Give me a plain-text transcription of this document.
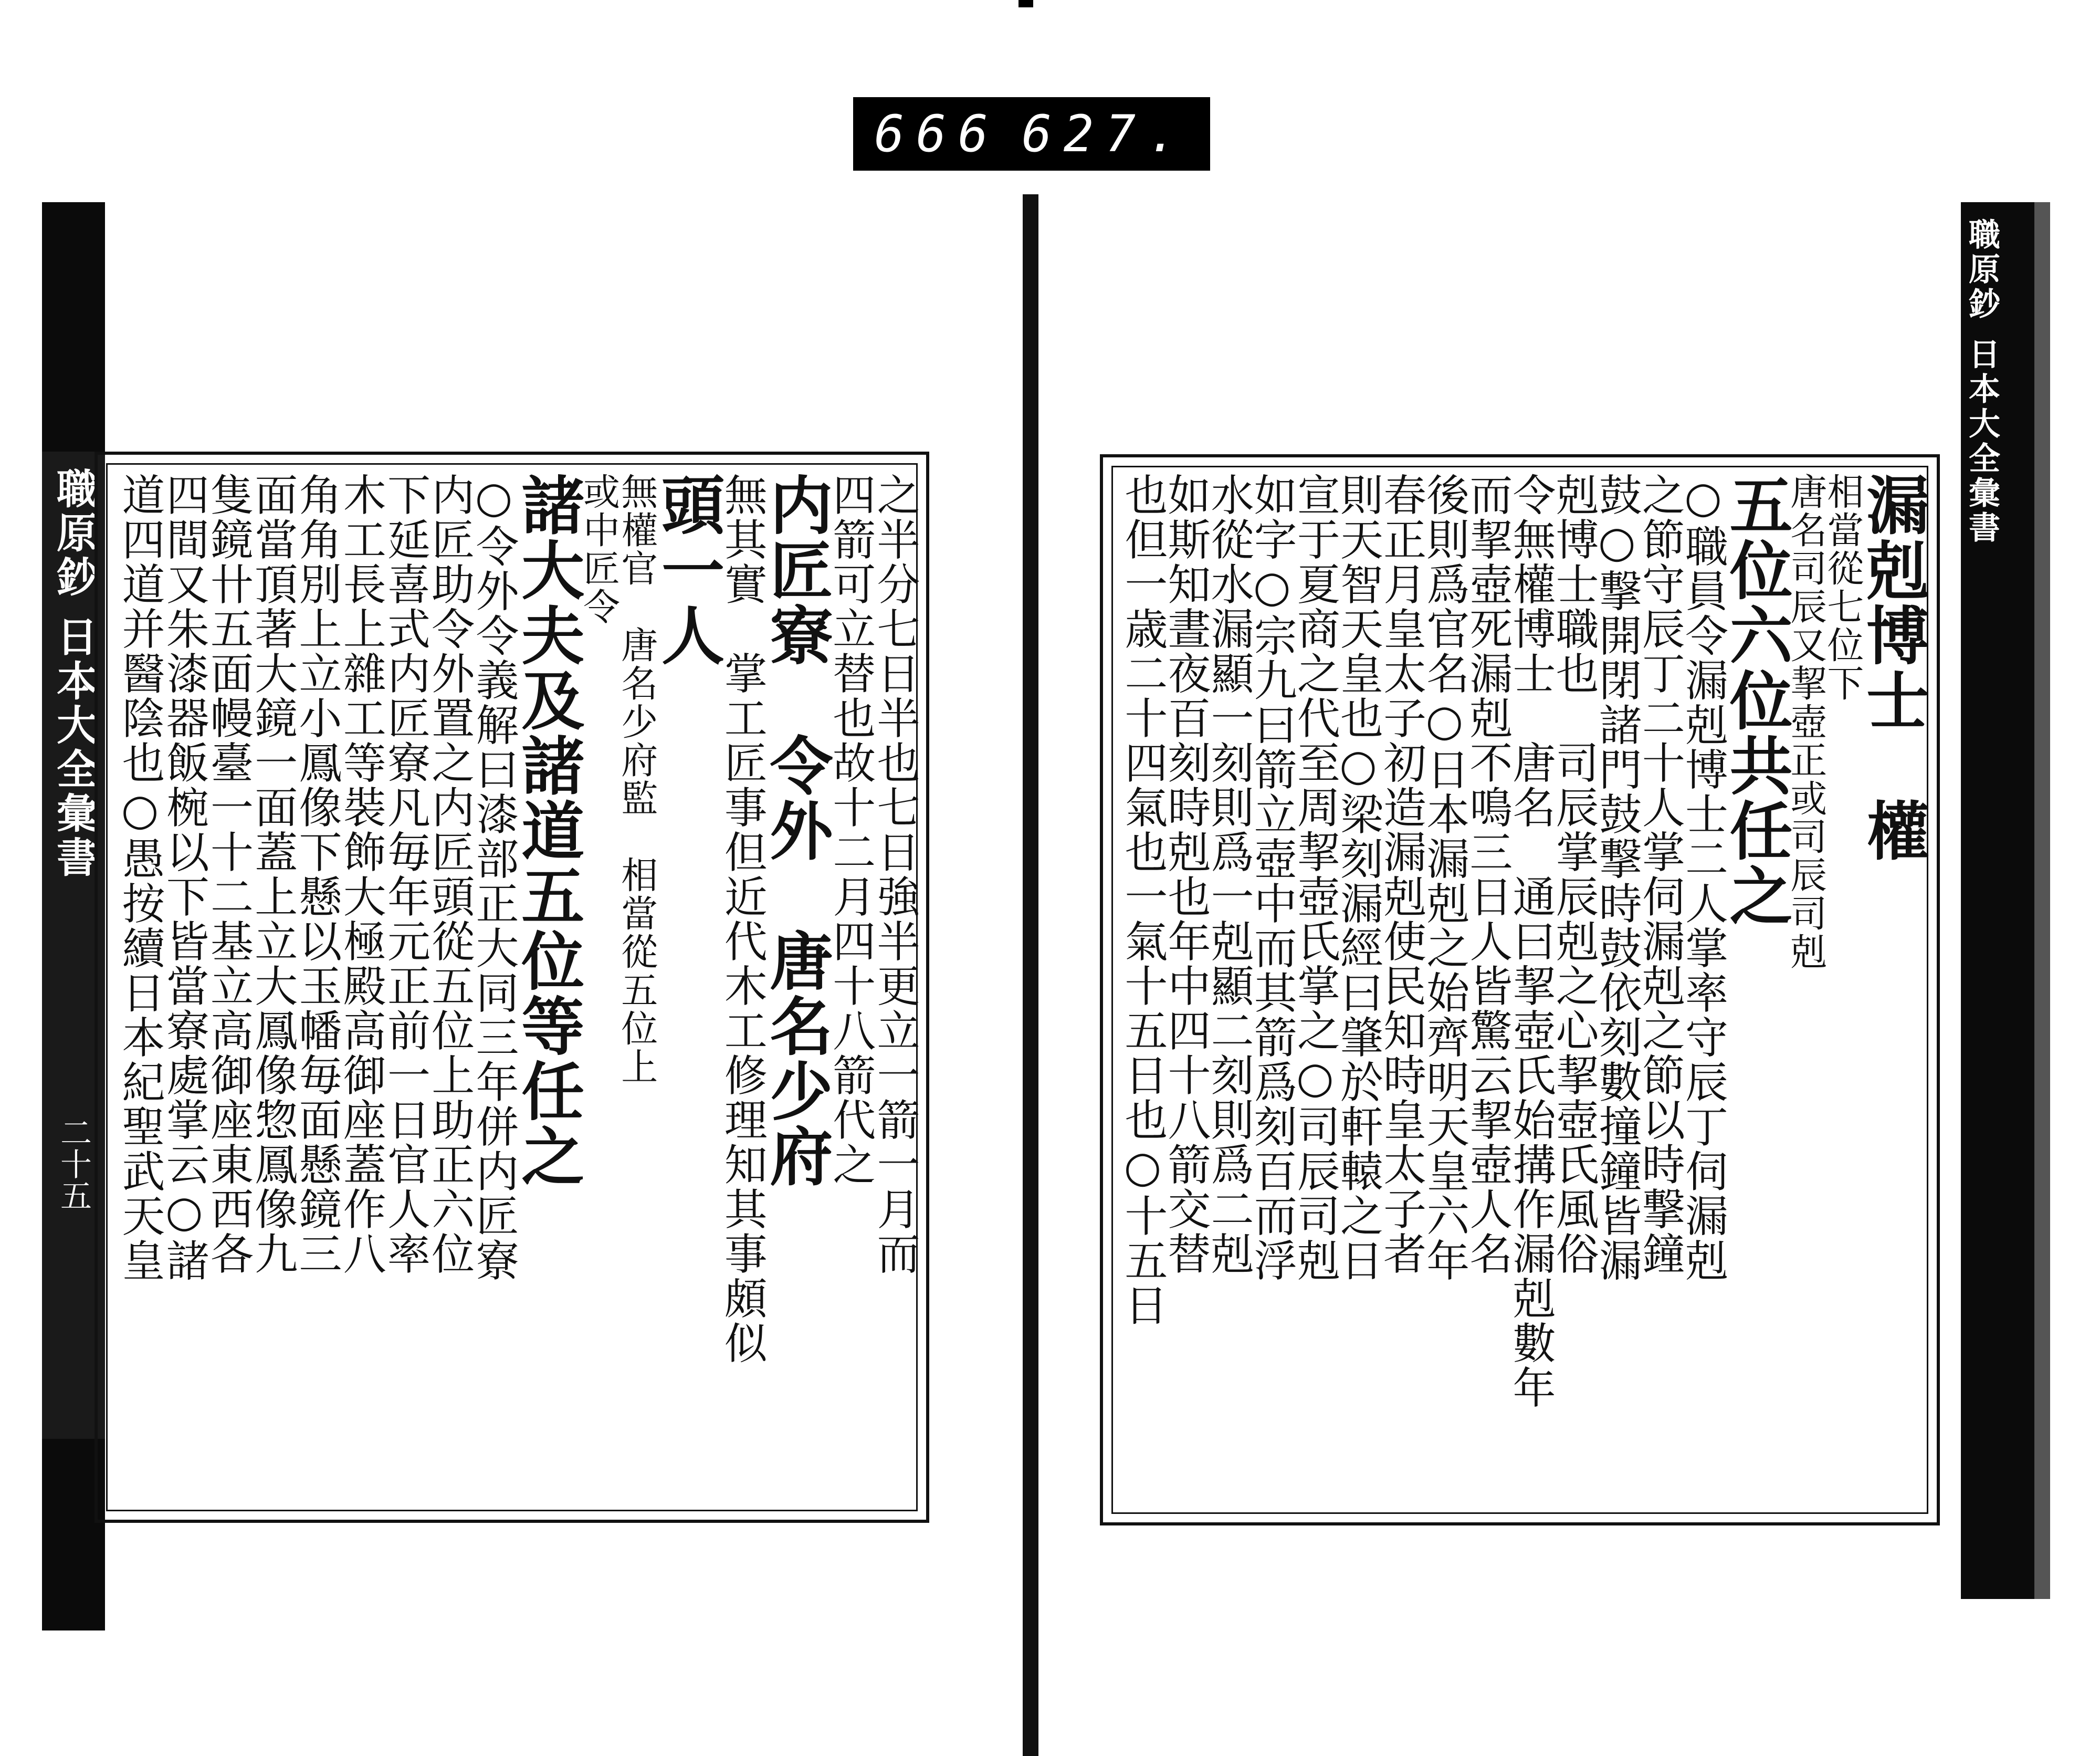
666 627.
職原鈔
日本大全彙書
二十五	之半分七日半也七日強半更立一箭一月而
四箭可立替也故十二月四十八箭代之
内匠寮　令外　唐名少府
無其實　掌工匠事但近代木工修理知其事頗似
頭一人
無權官　唐名少府監　相當從五位上
或中匠令
諸大夫及諸道五位等任之
○令外令義解曰漆部正大同三年併内匠寮
内匠助令外置之内匠頭從五位上助正六位
下延喜式内匠寮凡毎年元正前一日官人率
木工長上雜工等裝飾大極殿高御座蓋作八
角角別上立小鳳像下懸以玉幡毎面懸鏡三
面當頂著大鏡一面蓋上立大鳳像惣鳳像九
隻鏡卄五面幔臺一十二基立高御座東西各
四間又朱漆器飯椀以下皆當寮處掌云○諸
道四道并醫陰也○愚按續日本紀聖武天皇
職原鈔
日本大全彙書
漏剋博士　權
相當從七位下
唐名司辰又挈壺正或司辰司剋
五位六位共任之
○職員令漏剋博士二人掌率守辰丁伺漏剋
之節守辰丁二十人掌伺漏剋之節以時撃鐘
鼓○撃開閉諸門鼓撃時鼓依刻數撞鐘皆漏
剋博士職也　司辰掌辰剋之心挈壺氏風俗
令無權博士　唐名　通曰挈壺氏始搆作漏剋數年
而挈壺死漏剋不鳴三日人皆驚云挈壺人名
後則爲官名○日本漏剋之始齊明天皇六年
春正月皇太子初造漏剋使民知時皇太子者
則天智天皇也○梁刻漏經曰肇於軒轅之日
宣于夏商之代至周挈壺氏掌之○司辰司剋
如字○宗九曰箭立壺中而其箭爲刻百而浮
水從水漏顯一刻則爲一剋顯二刻則爲二剋
如斯知晝夜百刻時剋也年中四十八箭交替
也但一歳二十四氣也一氣十五日也○十五日
